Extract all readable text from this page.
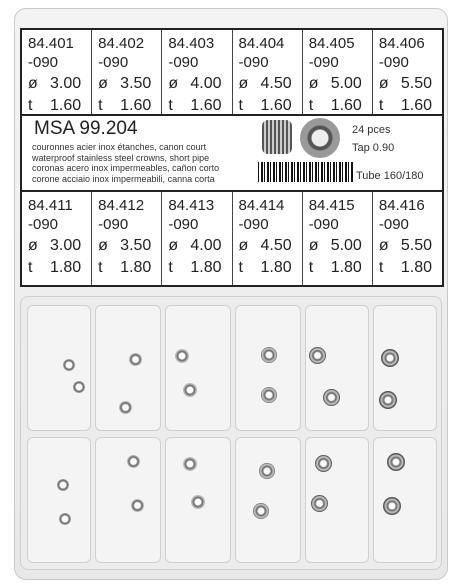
84.401
-090
ø 3.00
t 1.60
84.402
-090
ø 3.50
t 1.60
84.403
-090
ø 4.00
t 1.60
84.404
-090
ø 4.50
t 1.60
84.405
-090
ø 5.00
t 1.60
84.406
-090
ø 5.50
t 1.60
MSA 99.204
couronnes acier inox étanches, canon court
waterproof stainless steel crowns, short pipe
coronas acero inox impermeables, cañon corto
corone acciaio inox impermeabili, canna corta
24 pces
Tap 0.90
Tube 160/180
84.411
-090
ø 3.00
t 1.80
84.412
-090
ø 3.50
t 1.80
84.413
-090
ø 4.00
t 1.80
84.414
-090
ø 4.50
t 1.80
84.415
-090
ø 5.00
t 1.80
84.416
-090
ø 5.50
t 1.80
